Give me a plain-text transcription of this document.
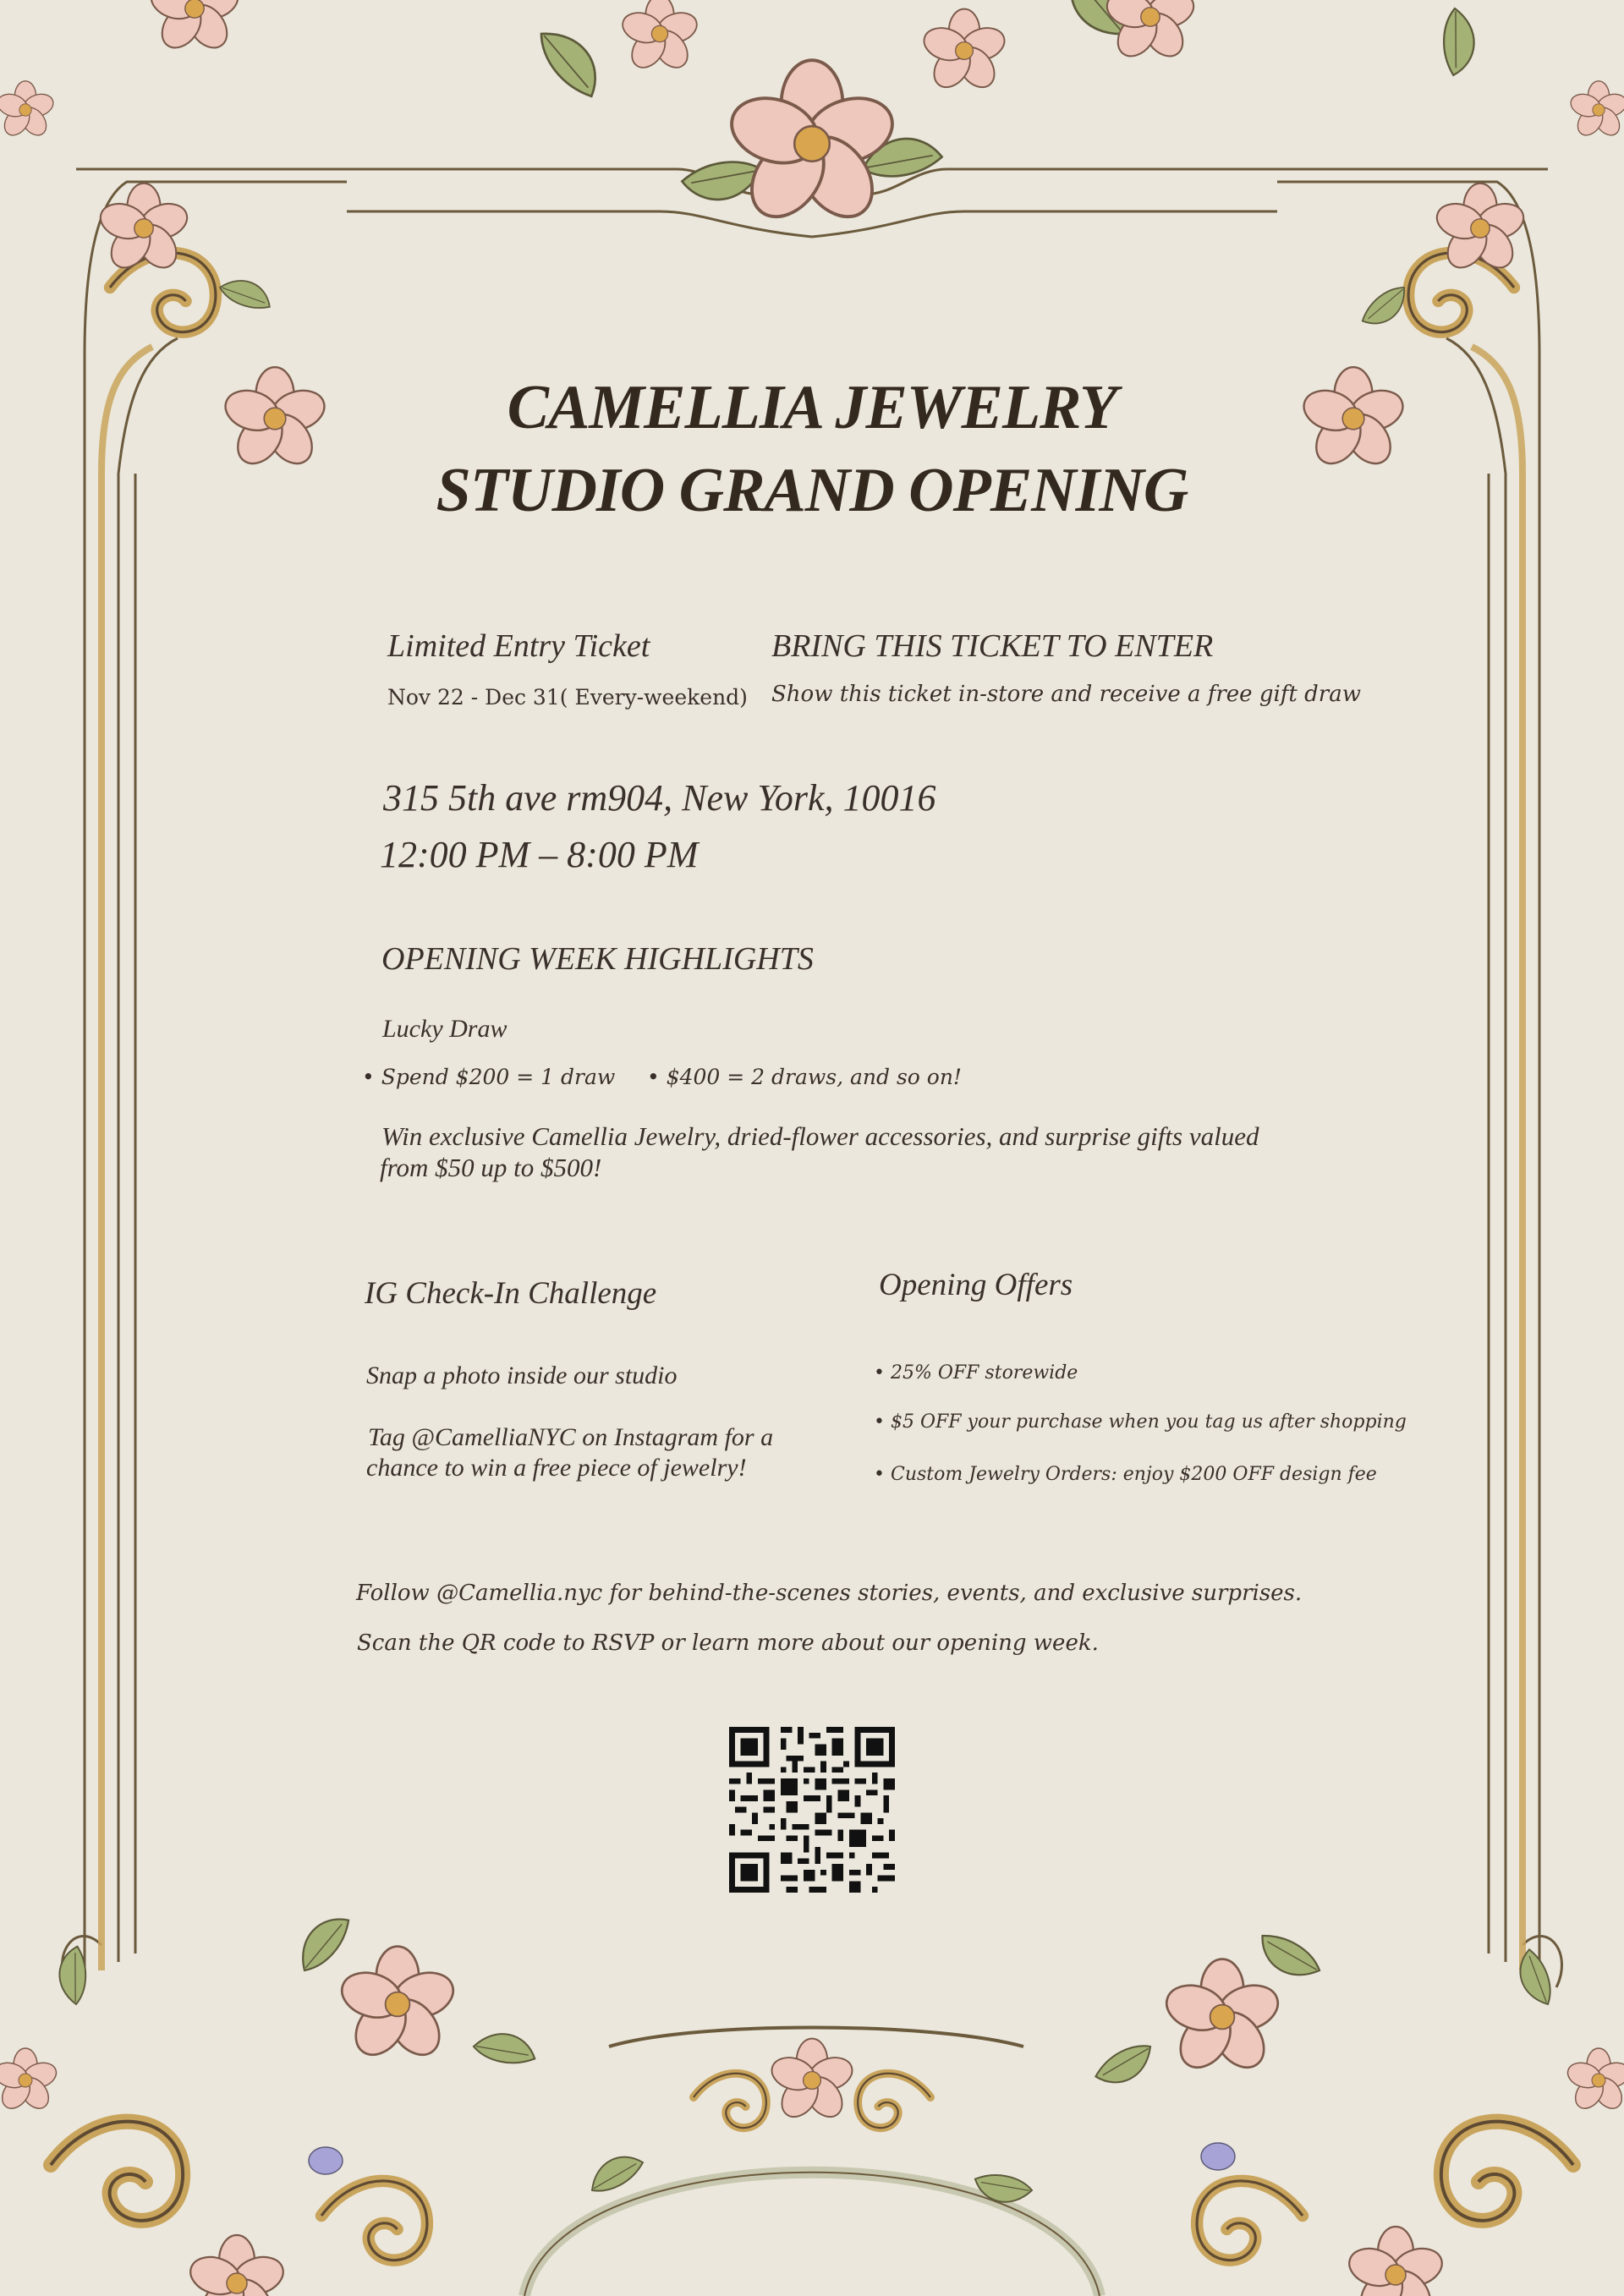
CAMELLIA JEWELRY
STUDIO GRAND OPENING
Limited Entry Ticket
Nov 22 - Dec 31( Every-weekend)
BRING THIS TICKET TO ENTER
Show this ticket in-store and receive a free gift draw
315 5th ave rm904, New York, 10016
12:00 PM – 8:00 PM
OPENING WEEK HIGHLIGHTS
Lucky Draw
• Spend $200 = 1 draw • $400 = 2 draws, and so on!
Win exclusive Camellia Jewelry, dried-flower accessories, and surprise gifts valued
from $50 up to $500!
IG Check-In Challenge
Snap a photo inside our studio
Tag @CamelliaNYC on Instagram for a
chance to win a free piece of jewelry!
Opening Offers
• 25% OFF storewide
• $5 OFF your purchase when you tag us after shopping
• Custom Jewelry Orders: enjoy $200 OFF design fee
Follow @Camellia.nyc for behind-the-scenes stories, events, and exclusive surprises.
Scan the QR code to RSVP or learn more about our opening week.
